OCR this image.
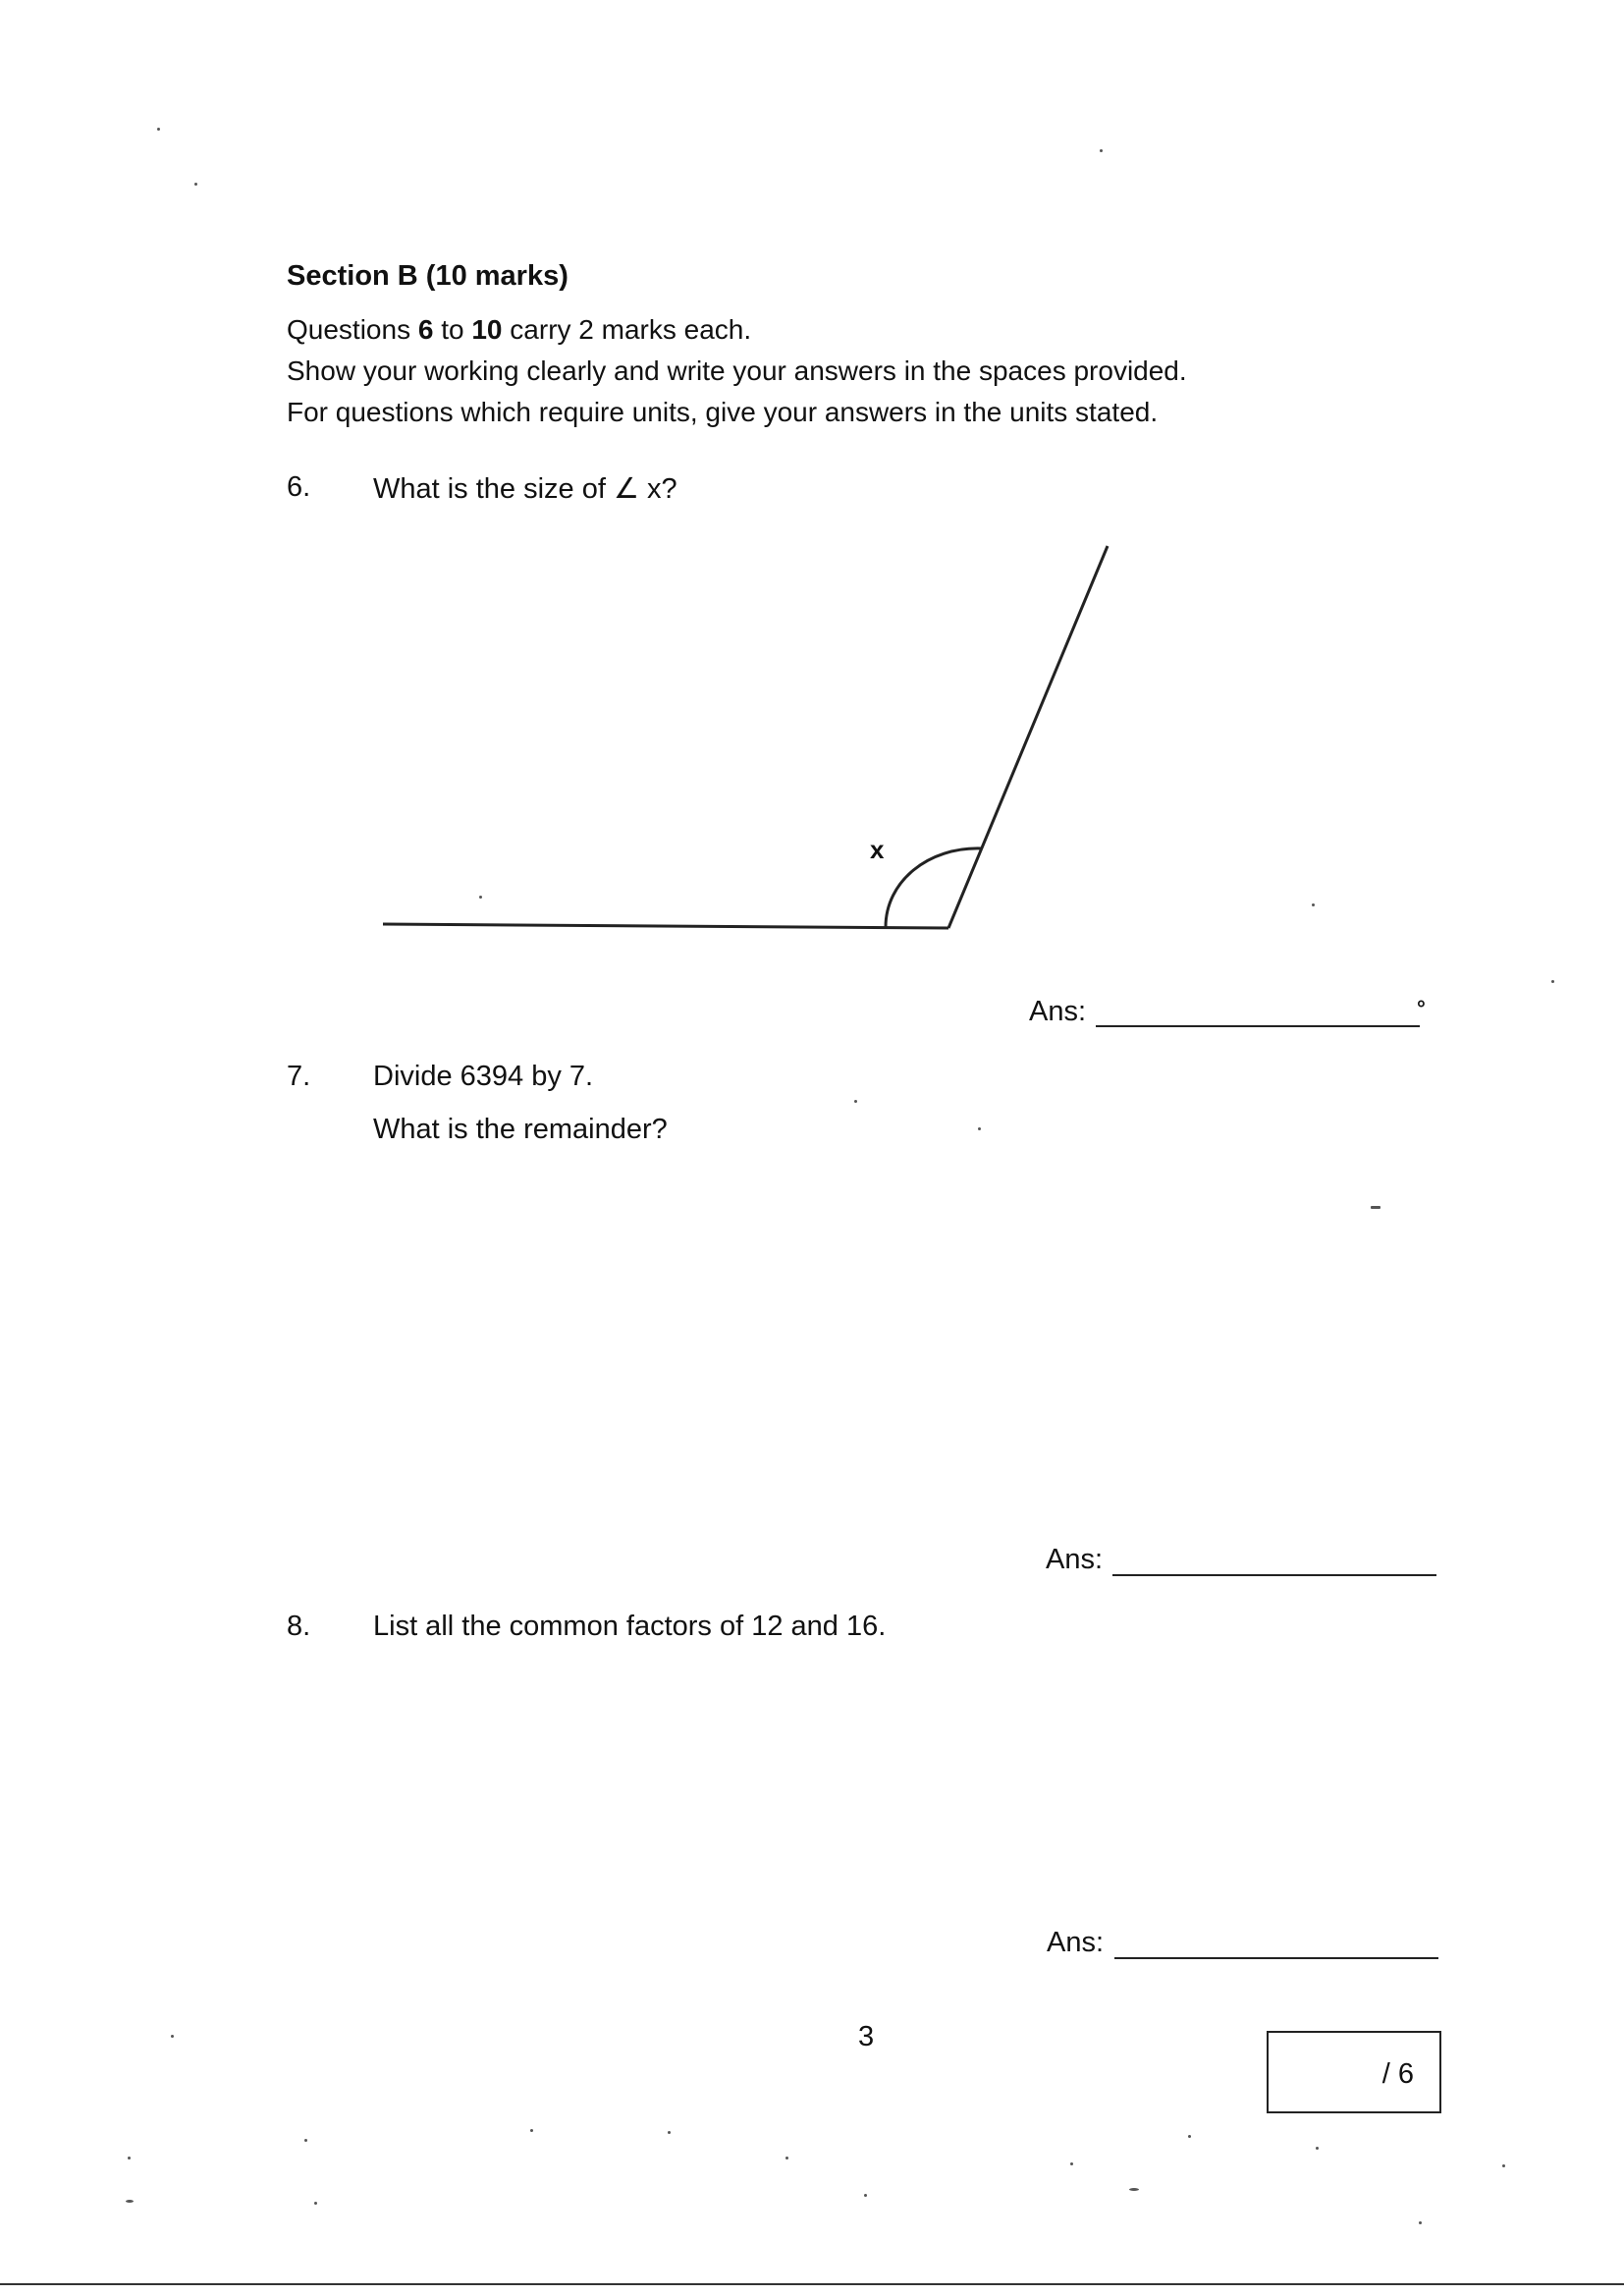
Section B (10 marks)
Questions 6 to 10 carry 2 marks each.
Show your working clearly and write your answers in the spaces provided.
For questions which require units, give your answers in the units stated.
6. What is the size of ∠ x?
x
Ans:	°
7. Divide 6394 by 7.
What is the remainder?
Ans:
8. List all the common factors of 12 and 16.
Ans:
3
/ 6
